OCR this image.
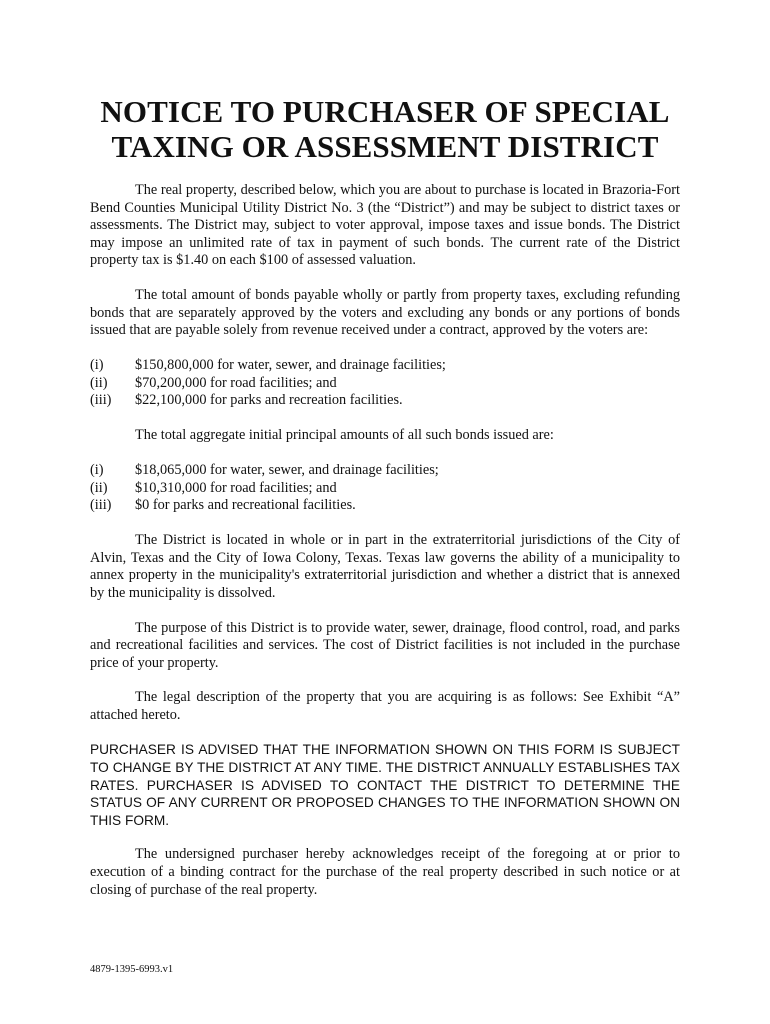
NOTICE TO PURCHASER OF SPECIAL
TAXING OR ASSESSMENT DISTRICT

The real property, described below, which you are about to purchase is located in Brazoria-Fort Bend Counties Municipal Utility District No. 3 (the “District”) and may be subject to district taxes or assessments. The District may, subject to voter approval, impose taxes and issue bonds. The District may impose an unlimited rate of tax in payment of such bonds. The current rate of the District property tax is $1.40 on each $100 of assessed valuation.

The total amount of bonds payable wholly or partly from property taxes, excluding refunding bonds that are separately approved by the voters and excluding any bonds or any portions of bonds issued that are payable solely from revenue received under a contract, approved by the voters are:

(i)	$150,800,000 for water, sewer, and drainage facilities;
(ii)	$70,200,000 for road facilities; and
(iii)	$22,100,000 for parks and recreation facilities.

The total aggregate initial principal amounts of all such bonds issued are:

(i)	$18,065,000 for water, sewer, and drainage facilities;
(ii)	$10,310,000 for road facilities; and
(iii)	$0 for parks and recreational facilities.

The District is located in whole or in part in the extraterritorial jurisdictions of the City of Alvin, Texas and the City of Iowa Colony, Texas. Texas law governs the ability of a municipality to annex property in the municipality's extraterritorial jurisdiction and whether a district that is annexed by the municipality is dissolved.

The purpose of this District is to provide water, sewer, drainage, flood control, road, and parks and recreational facilities and services. The cost of District facilities is not included in the purchase price of your property.

The legal description of the property that you are acquiring is as follows: See Exhibit “A” attached hereto.

PURCHASER IS ADVISED THAT THE INFORMATION SHOWN ON THIS FORM IS SUBJECT TO CHANGE BY THE DISTRICT AT ANY TIME. THE DISTRICT ANNUALLY ESTABLISHES TAX RATES. PURCHASER IS ADVISED TO CONTACT THE DISTRICT TO DETERMINE THE STATUS OF ANY CURRENT OR PROPOSED CHANGES TO THE INFORMATION SHOWN ON THIS FORM.

The undersigned purchaser hereby acknowledges receipt of the foregoing at or prior to execution of a binding contract for the purchase of the real property described in such notice or at closing of purchase of the real property.

4879-1395-6993.v1
